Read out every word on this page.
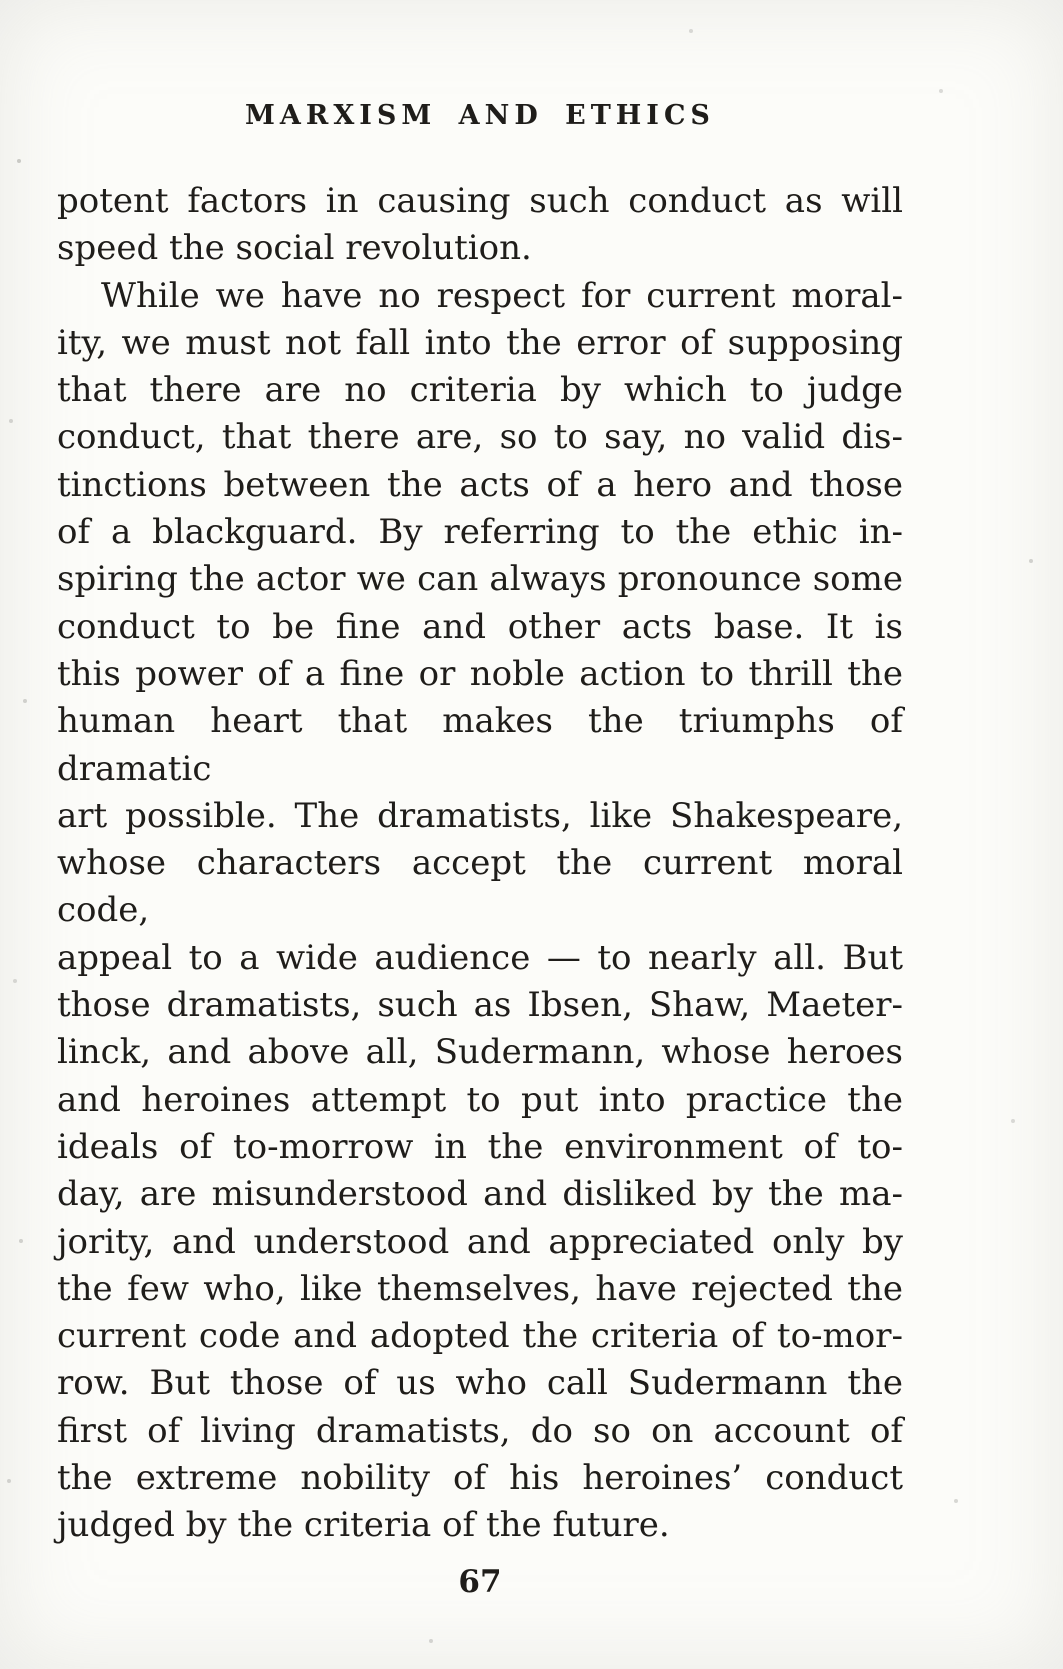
MARXISM AND ETHICS
potent factors in causing such conduct as will
speed the social revolution.
While we have no respect for current moral-
ity, we must not fall into the error of supposing
that there are no criteria by which to judge
conduct, that there are, so to say, no valid dis-
tinctions between the acts of a hero and those
of a blackguard. By referring to the ethic in-
spiring the actor we can always pronounce some
conduct to be fine and other acts base. It is
this power of a fine or noble action to thrill the
human heart that makes the triumphs of dramatic
art possible. The dramatists, like Shakespeare,
whose characters accept the current moral code,
appeal to a wide audience — to nearly all. But
those dramatists, such as Ibsen, Shaw, Maeter-
linck, and above all, Sudermann, whose heroes
and heroines attempt to put into practice the
ideals of to-morrow in the environment of to-
day, are misunderstood and disliked by the ma-
jority, and understood and appreciated only by
the few who, like themselves, have rejected the
current code and adopted the criteria of to-mor-
row. But those of us who call Sudermann the
first of living dramatists, do so on account of
the extreme nobility of his heroines’ conduct
judged by the criteria of the future.
67
